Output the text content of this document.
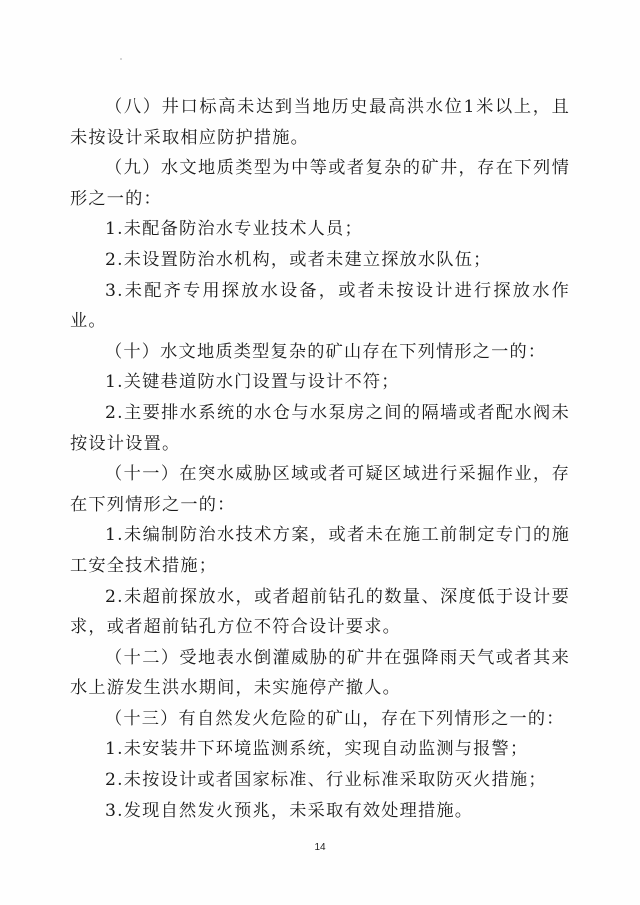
（八）井口标高未达到当地历史最高洪水位1米以上，且未按设计采取相应防护措施。

（九）水文地质类型为中等或者复杂的矿井，存在下列情形之一的：

1.未配备防治水专业技术人员；

2.未设置防治水机构，或者未建立探放水队伍；

3.未配齐专用探放水设备，或者未按设计进行探放水作业。

（十）水文地质类型复杂的矿山存在下列情形之一的：

1.关键巷道防水门设置与设计不符；

2.主要排水系统的水仓与水泵房之间的隔墙或者配水阀未按设计设置。

（十一）在突水威胁区域或者可疑区域进行采掘作业，存在下列情形之一的：

1.未编制防治水技术方案，或者未在施工前制定专门的施工安全技术措施；

2.未超前探放水，或者超前钻孔的数量、深度低于设计要求，或者超前钻孔方位不符合设计要求。

（十二）受地表水倒灌威胁的矿井在强降雨天气或者其来水上游发生洪水期间，未实施停产撤人。

（十三）有自然发火危险的矿山，存在下列情形之一的：

1.未安装井下环境监测系统，实现自动监测与报警；

2.未按设计或者国家标准、行业标准采取防灭火措施；

3.发现自然发火预兆，未采取有效处理措施。

14
